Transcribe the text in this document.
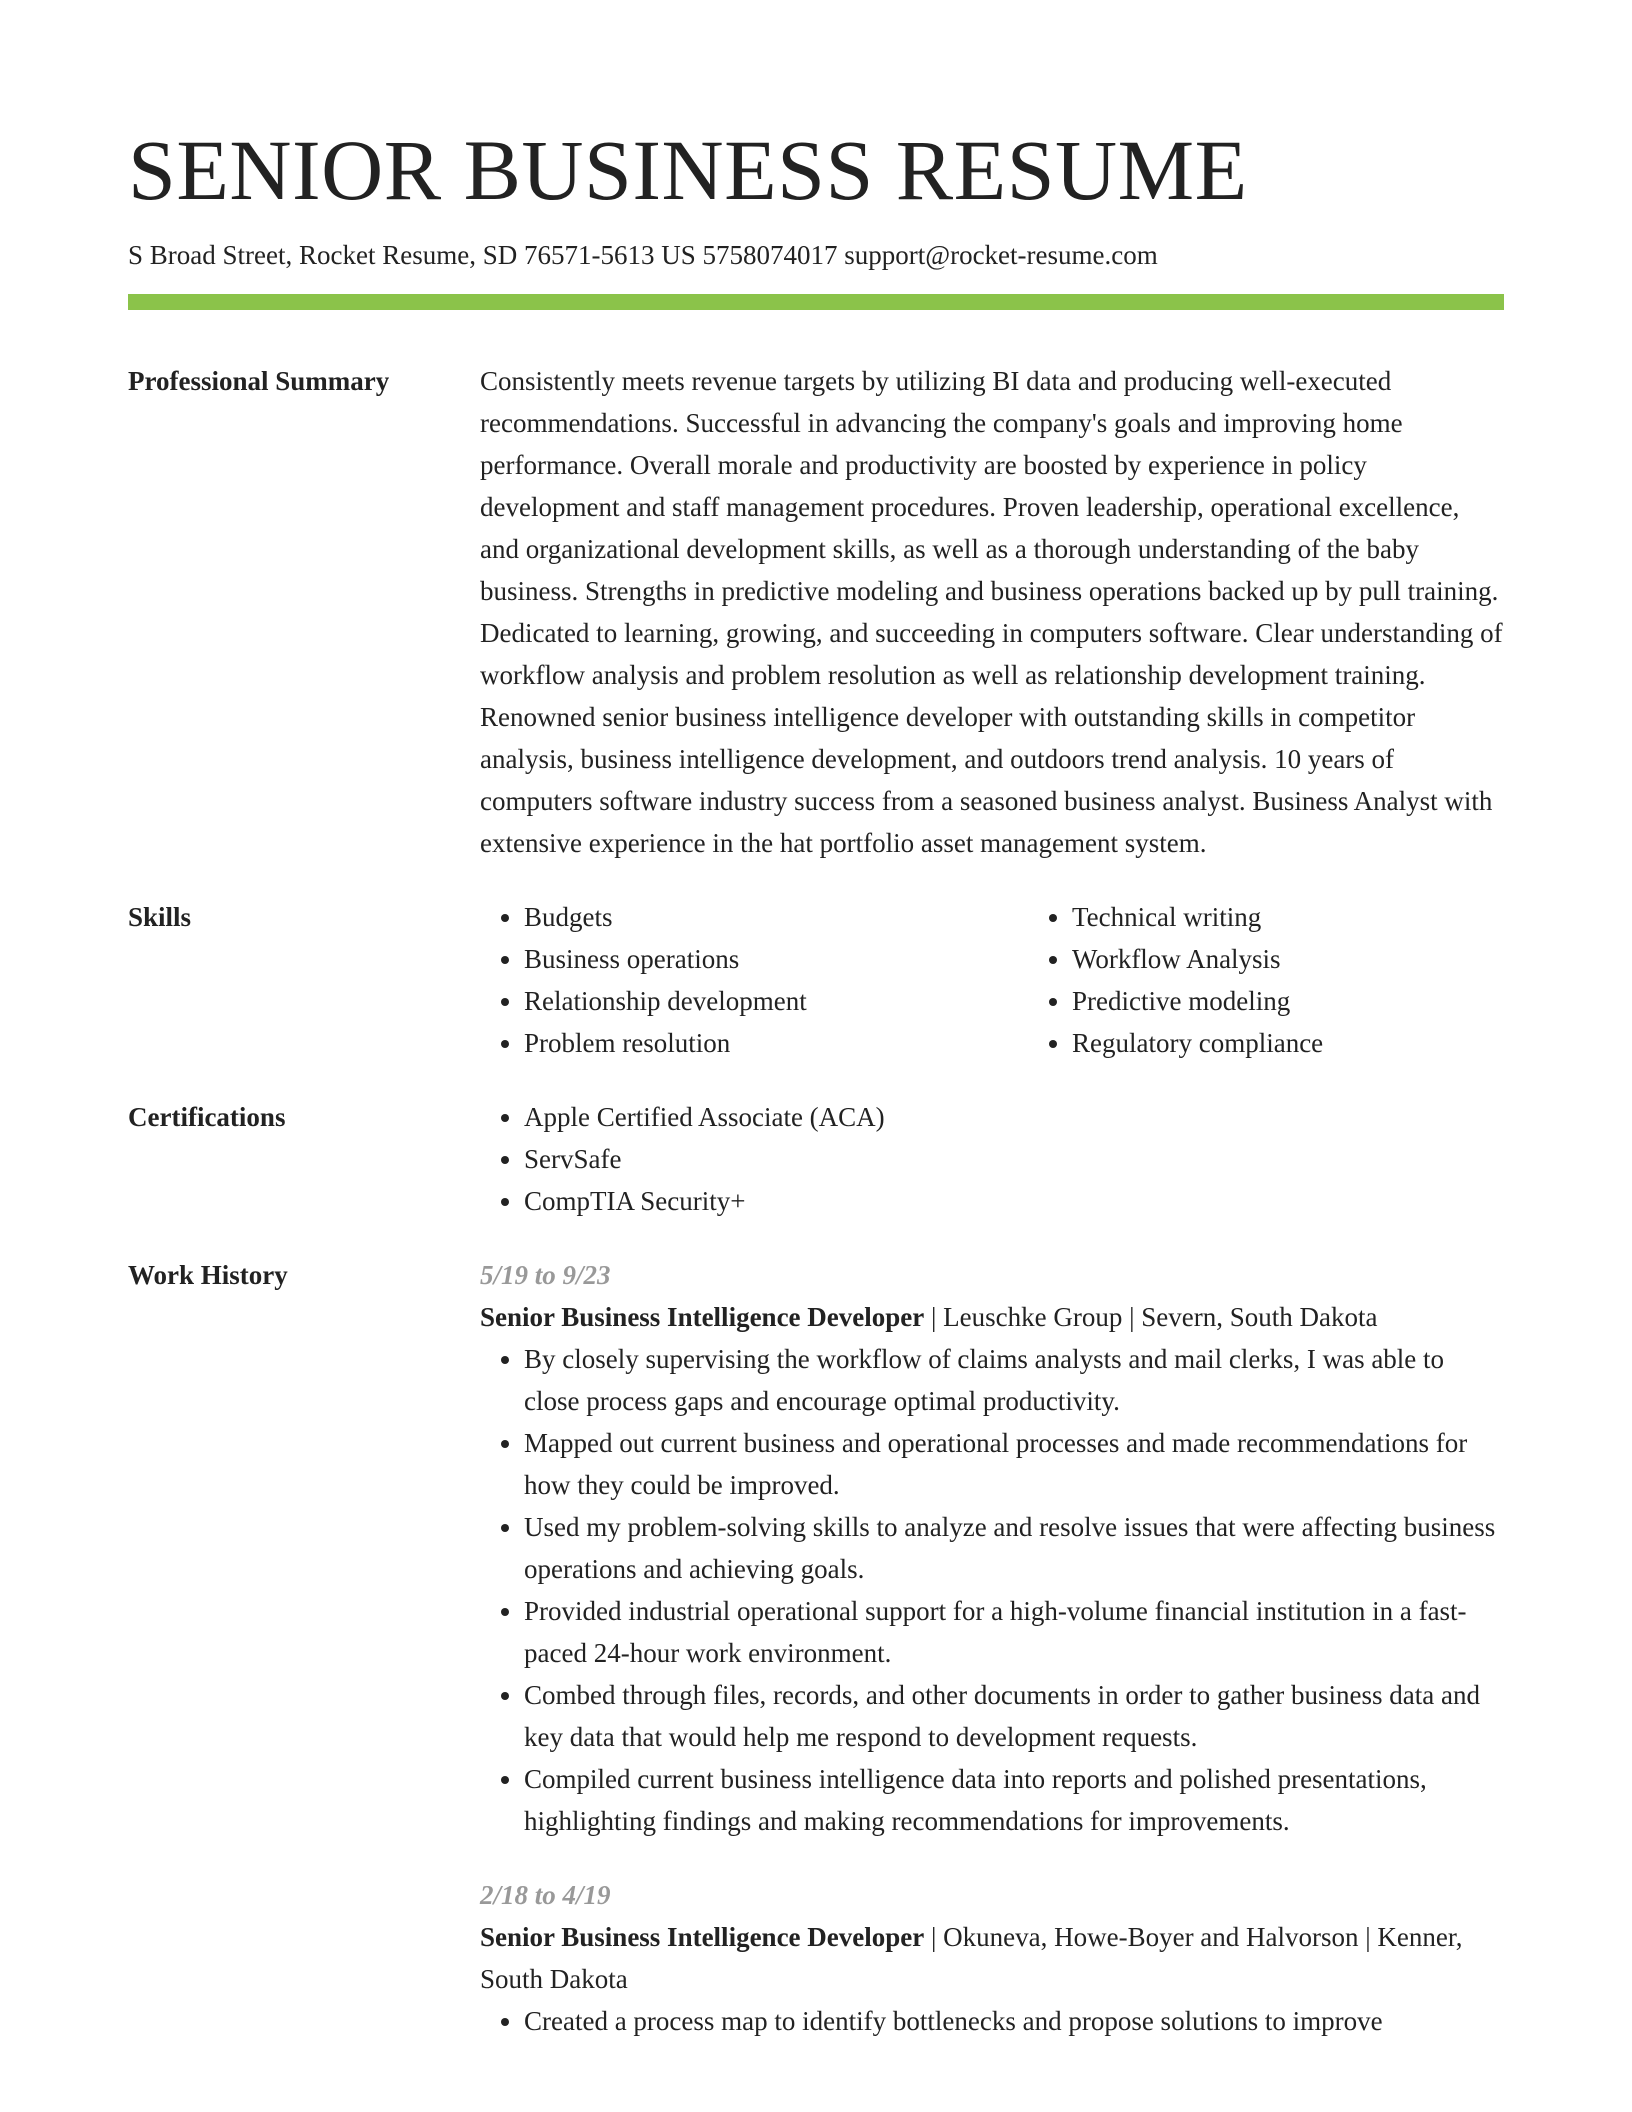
SENIOR BUSINESS RESUME
S Broad Street, Rocket Resume, SD 76571-5613 US 5758074017 support@rocket-resume.com
Professional Summary	Consistently meets revenue targets by utilizing BI data and producing well-executed recommendations. Successful in advancing the company's goals and improving home performance. Overall morale and productivity are boosted by experience in policy development and staff management procedures. Proven leadership, operational excellence, and organizational development skills, as well as a thorough understanding of the baby business. Strengths in predictive modeling and business operations backed up by pull training. Dedicated to learning, growing, and succeeding in computers software. Clear understanding of workflow analysis and problem resolution as well as relationship development training. Renowned senior business intelligence developer with outstanding skills in competitor analysis, business intelligence development, and outdoors trend analysis. 10 years of computers software industry success from a seasoned business analyst. Business Analyst with extensive experience in the hat portfolio asset management system.

Skills	• Budgets
• Business operations
• Relationship development
• Problem resolution
• Technical writing
• Workflow Analysis
• Predictive modeling
• Regulatory compliance
Certifications	• Apple Certified Associate (ACA)
• ServSafe
• CompTIA Security+
Work History	5/19 to 9/23
Senior Business Intelligence Developer | Leuschke Group | Severn, South Dakota
• By closely supervising the workflow of claims analysts and mail clerks, I was able to close process gaps and encourage optimal productivity.
• Mapped out current business and operational processes and made recommendations for how they could be improved.
• Used my problem-solving skills to analyze and resolve issues that were affecting business operations and achieving goals.
• Provided industrial operational support for a high-volume financial institution in a fast-paced 24-hour work environment.
• Combed through files, records, and other documents in order to gather business data and key data that would help me respond to development requests.
• Compiled current business intelligence data into reports and polished presentations, highlighting findings and making recommendations for improvements.
2/18 to 4/19
Senior Business Intelligence Developer | Okuneva, Howe-Boyer and Halvorson | Kenner, South Dakota
• Created a process map to identify bottlenecks and propose solutions to improve
